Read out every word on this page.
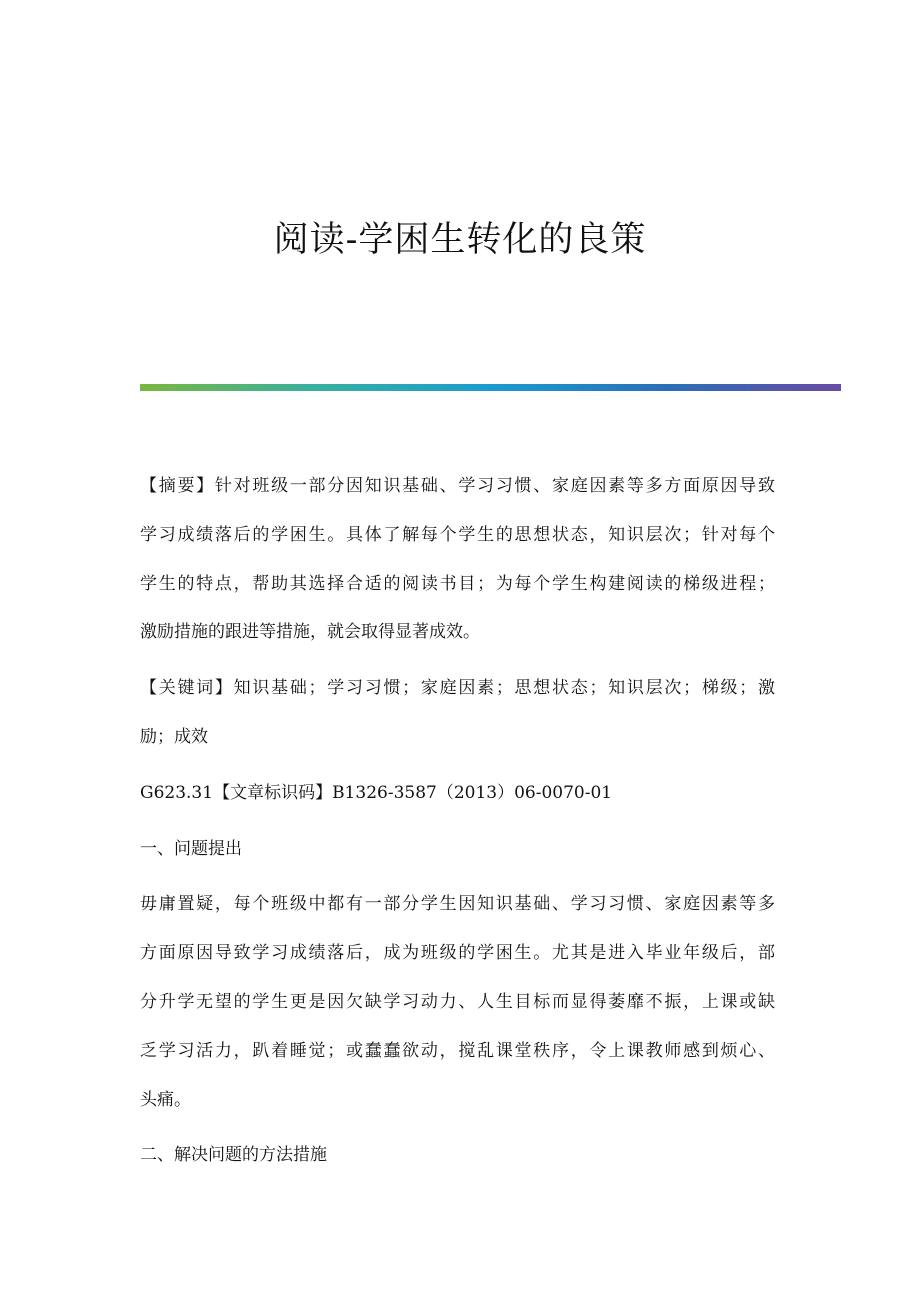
阅读-学困生转化的良策
【摘要】针对班级一部分因知识基础、学习习惯、家庭因素等多方面原因导致
学习成绩落后的学困生。具体了解每个学生的思想状态，知识层次；针对每个
学生的特点，帮助其选择合适的阅读书目；为每个学生构建阅读的梯级进程；
激励措施的跟进等措施，就会取得显著成效。
【关键词】知识基础；学习习惯；家庭因素；思想状态；知识层次；梯级；激
励；成效
G623.31【文章标识码】B1326-3587（2013）06-0070-01
一、问题提出
毋庸置疑，每个班级中都有一部分学生因知识基础、学习习惯、家庭因素等多
方面原因导致学习成绩落后，成为班级的学困生。尤其是进入毕业年级后，部
分升学无望的学生更是因欠缺学习动力、人生目标而显得萎靡不振，上课或缺
乏学习活力，趴着睡觉；或蠢蠢欲动，搅乱课堂秩序，令上课教师感到烦心、
头痛。
二、解决问题的方法措施
